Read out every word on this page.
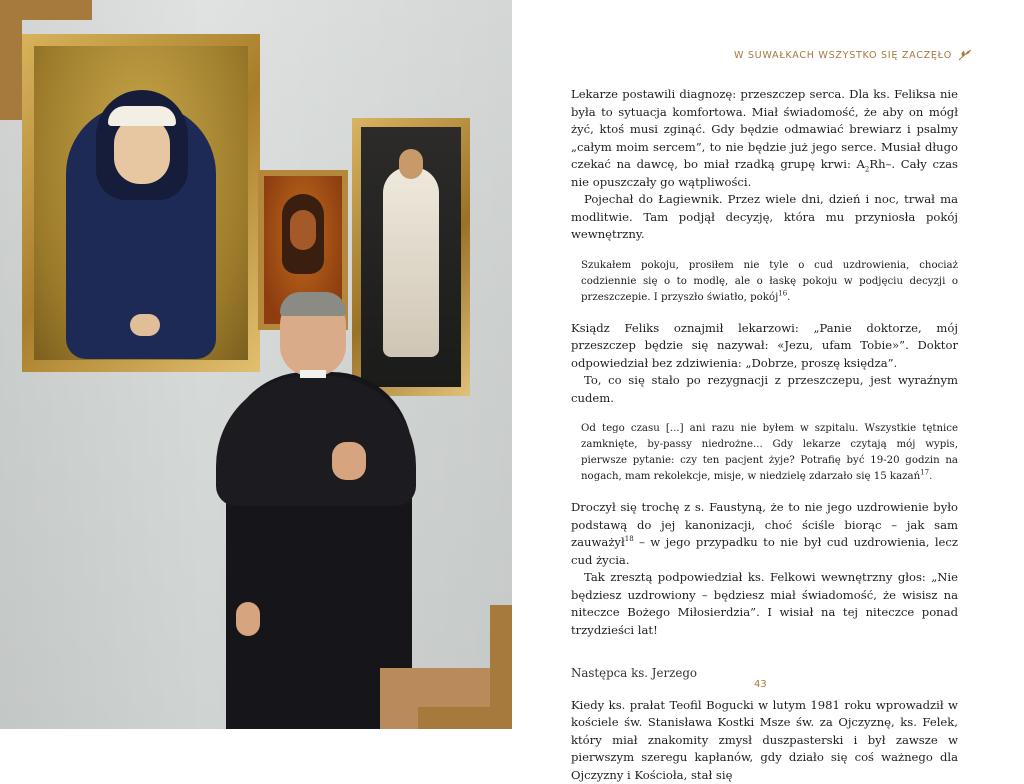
W SUWAŁKACH WSZYSTKO SIĘ ZACZĘŁO

Lekarze postawili diagnozę: przeszczep serca. Dla ks. Feliksa nie była to sytuacja komfortowa. Miał świadomość, że aby on mógł żyć, ktoś musi zginąć. Gdy będzie odmawiać brewiarz i psalmy „całym moim sercem”, to nie będzie już jego serce. Musiał długo czekać na dawcę, bo miał rzadką grupę krwi: $A_2Rh-$. Cały czas nie opuszczały go wątpliwości.

Pojechał do Łagiewnik. Przez wiele dni, dzień i noc, trwał ma modlitwie. Tam podjął decyzję, która mu przyniosła pokój wewnętrzny.

Szukałem pokoju, prosiłem nie tyle o cud uzdrowienia, chociaż codziennie się o to modlę, ale o łaskę pokoju w podjęciu decyzji o przeszczepie. I przyszło światło, pokój$^{16}$.

Ksiądz Feliks oznajmił lekarzowi: „Panie doktorze, mój przeszczep będzie się nazywał: «Jezu, ufam Tobie»”. Doktor odpowiedział bez zdziwienia: „Dobrze, proszę księdza”.

To, co się stało po rezygnacji z przeszczepu, jest wyraźnym cudem.

Od tego czasu [...] ani razu nie byłem w szpitalu. Wszystkie tętnice zamknięte, by-passy niedrożne... Gdy lekarze czytają mój wypis, pierwsze pytanie: czy ten pacjent żyje? Potrafię być 19-20 godzin na nogach, mam rekolekcje, misje, w niedzielę zdarzało się 15 kazań$^{17}$.

Droczył się trochę z s. Faustyną, że to nie jego uzdrowienie było podstawą do jej kanonizacji, choć ściśle biorąc – jak sam zauważył$^{18}$ – w jego przypadku to nie był cud uzdrowienia, lecz cud życia.

Tak zresztą podpowiedział ks. Felkowi wewnętrzny głos: „Nie będziesz uzdrowiony – będziesz miał świadomość, że wisisz na niteczce Bożego Miłosierdzia”. I wisiał na tej niteczce ponad trzydzieści lat!

Następca ks. Jerzego

Kiedy ks. prałat Teofil Bogucki w lutym 1981 roku wprowadził w kościele św. Stanisława Kostki Msze św. za Ojczyznę, ks. Felek, który miał znakomity zmysł duszpasterski i był zawsze w pierwszym szeregu kapłanów, gdy działo się coś ważnego dla Ojczyzny i Kościoła, stał się

43
